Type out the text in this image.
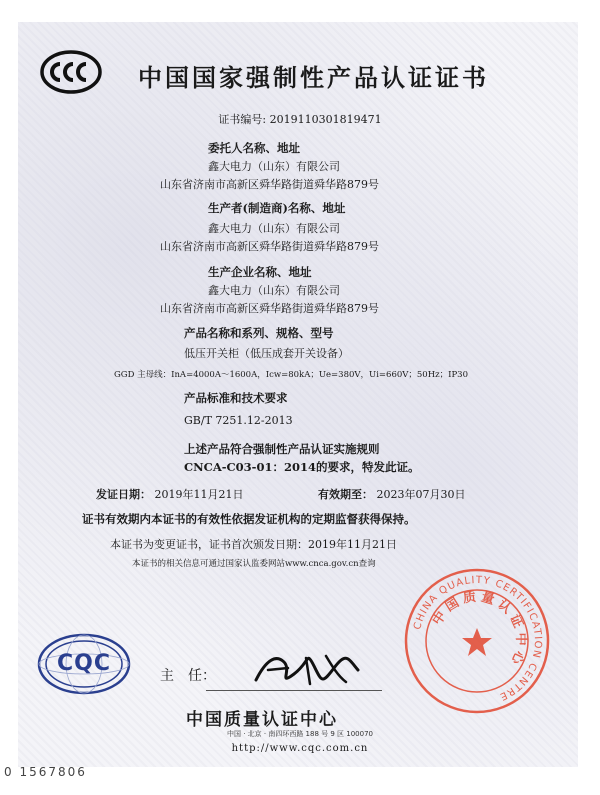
中国国家强制性产品认证证书
证书编号: 2019110301819471
委托人名称、地址
鑫大电力（山东）有限公司
山东省济南市高新区舜华路街道舜华路879号
生产者(制造商)名称、地址
鑫大电力（山东）有限公司
山东省济南市高新区舜华路街道舜华路879号
生产企业名称、地址
鑫大电力（山东）有限公司
山东省济南市高新区舜华路街道舜华路879号
产品名称和系列、规格、型号
低压开关柜（低压成套开关设备）
GGD 主母线：InA=4000A～1600A，Icw=80kA；Ue=380V，Ui=660V；50Hz；IP30
产品标准和技术要求
GB/T 7251.12-2013
上述产品符合强制性产品认证实施规则
CNCA-C03-01：2014的要求，特发此证。
发证日期： 2019年11月21日	有效期至： 2023年07月30日
证书有效期内本证书的有效性依据发证机构的定期监督获得保持。
本证书为变更证书，证书首次颁发日期：2019年11月21日
本证书的相关信息可通过国家认监委网站www.cnca.gov.cn查询
CQC	主　任：
CHINA QUALITY CERTIFICATION CENTRE
中国质量认证中心
中国质量认证中心
中国 · 北京 · 南四环西路 188 号 9 区 100070
http://www.cqc.com.cn
0 1567806
